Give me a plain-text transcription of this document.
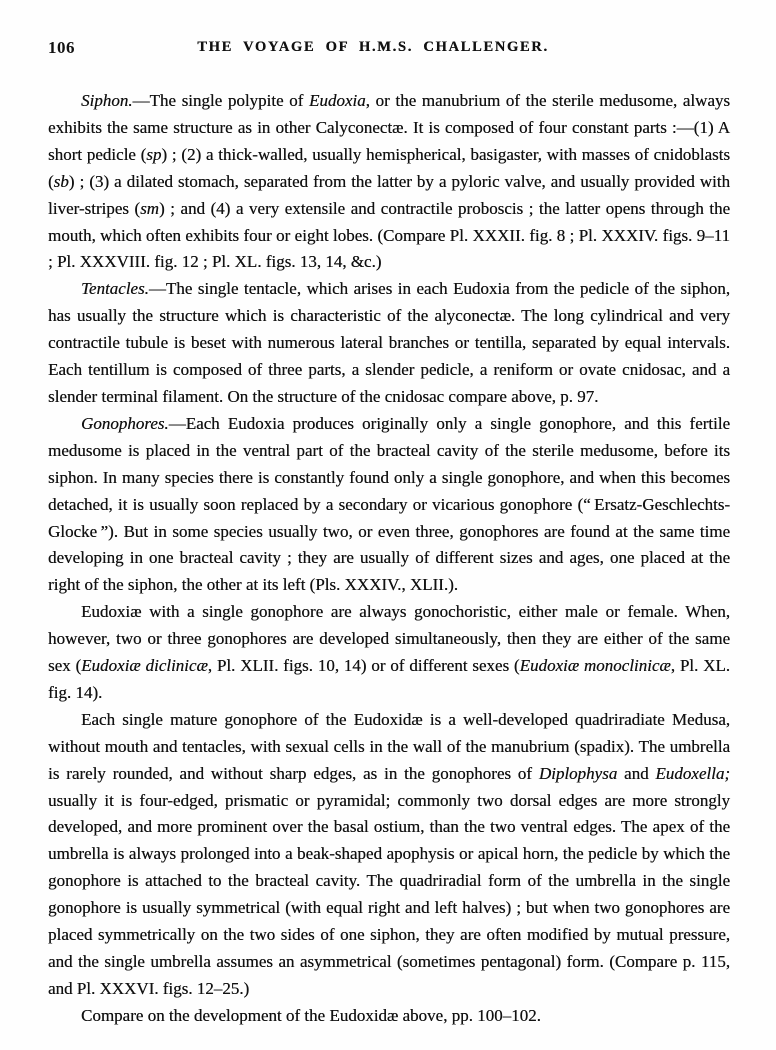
106	THE VOYAGE OF H.M.S. CHALLENGER.

Siphon.—The single polypite of Eudoxia, or the manubrium of the sterile medusome, always exhibits the same structure as in other Calyconectæ. It is composed of four constant parts :—(1) A short pedicle (sp) ; (2) a thick-walled, usually hemispherical, basigaster, with masses of cnidoblasts (sb) ; (3) a dilated stomach, separated from the latter by a pyloric valve, and usually provided with liver-stripes (sm) ; and (4) a very extensile and contractile proboscis ; the latter opens through the mouth, which often exhibits four or eight lobes. (Compare Pl. XXXII. fig. 8 ; Pl. XXXIV. figs. 9–11 ; Pl. XXXVIII. fig. 12 ; Pl. XL. figs. 13, 14, &c.)

Tentacles.—The single tentacle, which arises in each Eudoxia from the pedicle of the siphon, has usually the structure which is characteristic of the alyconectæ. The long cylindrical and very contractile tubule is beset with numerous lateral branches or tentilla, separated by equal intervals. Each tentillum is composed of three parts, a slender pedicle, a reniform or ovate cnidosac, and a slender terminal filament. On the structure of the cnidosac compare above, p. 97.

Gonophores.—Each Eudoxia produces originally only a single gonophore, and this fertile medusome is placed in the ventral part of the bracteal cavity of the sterile medusome, before its siphon. In many species there is constantly found only a single gonophore, and when this becomes detached, it is usually soon replaced by a secondary or vicarious gonophore (“ Ersatz-Geschlechts-Glocke ”). But in some species usually two, or even three, gonophores are found at the same time developing in one bracteal cavity ; they are usually of different sizes and ages, one placed at the right of the siphon, the other at its left (Pls. XXXIV., XLII.).

Eudoxiæ with a single gonophore are always gonochoristic, either male or female. When, however, two or three gonophores are developed simultaneously, then they are either of the same sex (Eudoxiæ diclinicæ, Pl. XLII. figs. 10, 14) or of different sexes (Eudoxiæ monoclinicæ, Pl. XL. fig. 14).

Each single mature gonophore of the Eudoxidæ is a well-developed quadriradiate Medusa, without mouth and tentacles, with sexual cells in the wall of the manubrium (spadix). The umbrella is rarely rounded, and without sharp edges, as in the gonophores of Diplophysa and Eudoxella; usually it is four-edged, prismatic or pyramidal; commonly two dorsal edges are more strongly developed, and more prominent over the basal ostium, than the two ventral edges. The apex of the umbrella is always prolonged into a beak-shaped apophysis or apical horn, the pedicle by which the gonophore is attached to the bracteal cavity. The quadriradial form of the umbrella in the single gonophore is usually symmetrical (with equal right and left halves) ; but when two gonophores are placed symmetrically on the two sides of one siphon, they are often modified by mutual pressure, and the single umbrella assumes an asymmetrical (sometimes pentagonal) form. (Compare p. 115, and Pl. XXXVI. figs. 12–25.)

Compare on the development of the Eudoxidæ above, pp. 100–102.
